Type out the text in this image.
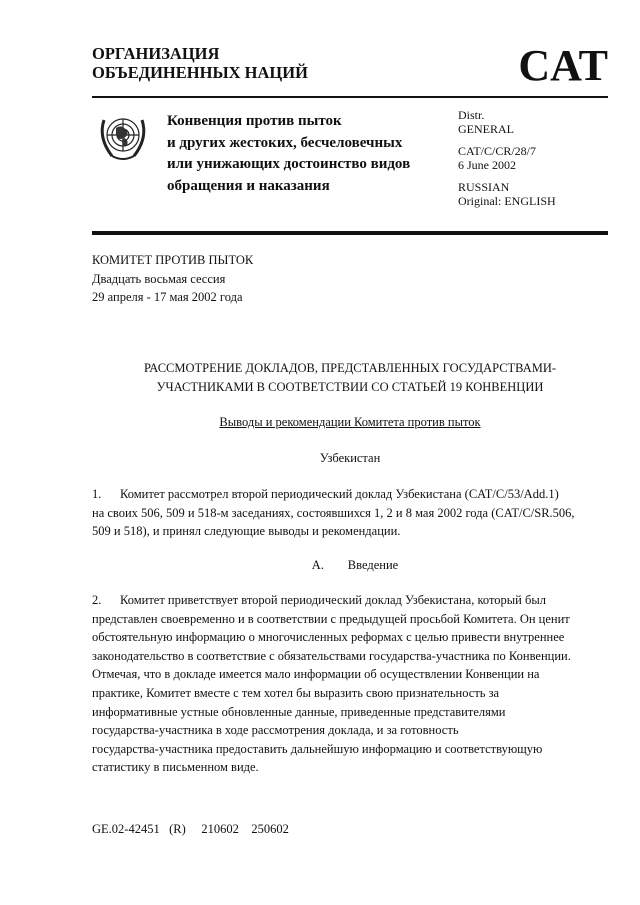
ОРГАНИЗАЦИЯ
ОБЪЕДИНЕННЫХ НАЦИЙ	CAT
Конвенция против пыток
и других жестоких, бесчеловечных
или унижающих достоинство видов
обращения и наказания
Distr.
GENERAL
CAT/C/CR/28/7
6 June 2002
RUSSIAN
Original: ENGLISH
КОМИТЕТ ПРОТИВ ПЫТОК
Двадцать восьмая сессия
29 апреля - 17 мая 2002 года
РАССМОТРЕНИЕ ДОКЛАДОВ, ПРЕДСТАВЛЕННЫХ ГОСУДАРСТВАМИ-
УЧАСТНИКАМИ В СООТВЕТСТВИИ СО СТАТЬЕЙ 19 КОНВЕНЦИИ
Выводы и рекомендации Комитета против пыток
Узбекистан
1. Комитет рассмотрел второй периодический доклад Узбекистана (CAT/C/53/Add.1)
на своих 506, 509 и 518-м заседаниях, состоявшихся 1, 2 и 8 мая 2002 года (CAT/C/SR.506,
509 и 518), и принял следующие выводы и рекомендации.
A. Введение
2. Комитет приветствует второй периодический доклад Узбекистана, который был
представлен своевременно и в соответствии с предыдущей просьбой Комитета. Он ценит
обстоятельную информацию о многочисленных реформах с целью привести внутреннее
законодательство в соответствие с обязательствами государства-участника по Конвенции.
Отмечая, что в докладе имеется мало информации об осуществлении Конвенции на
практике, Комитет вместе с тем хотел бы выразить свою признательность за
информативные устные обновленные данные, приведенные представителями
государства-участника в ходе рассмотрения доклада, и за готовность
государства-участника предоставить дальнейшую информацию и соответствующую
статистику в письменном виде.
GE.02-42451   (R)     210602    250602
